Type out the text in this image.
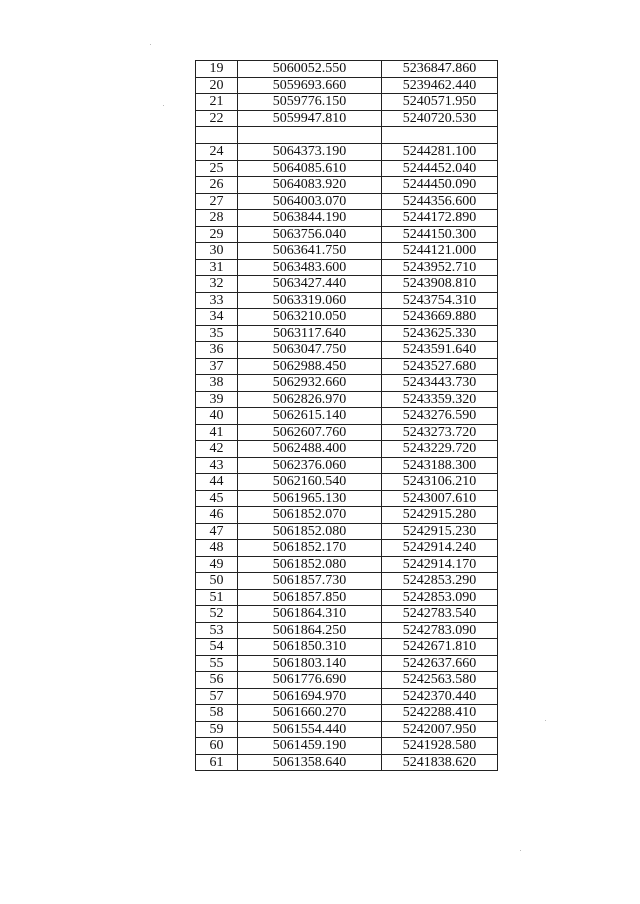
19	5060052.550	5236847.860
20	5059693.660	5239462.440
21	5059776.150	5240571.950
22	5059947.810	5240720.530

24	5064373.190	5244281.100
25	5064085.610	5244452.040
26	5064083.920	5244450.090
27	5064003.070	5244356.600
28	5063844.190	5244172.890
29	5063756.040	5244150.300
30	5063641.750	5244121.000
31	5063483.600	5243952.710
32	5063427.440	5243908.810
33	5063319.060	5243754.310
34	5063210.050	5243669.880
35	5063117.640	5243625.330
36	5063047.750	5243591.640
37	5062988.450	5243527.680
38	5062932.660	5243443.730
39	5062826.970	5243359.320
40	5062615.140	5243276.590
41	5062607.760	5243273.720
42	5062488.400	5243229.720
43	5062376.060	5243188.300
44	5062160.540	5243106.210
45	5061965.130	5243007.610
46	5061852.070	5242915.280
47	5061852.080	5242915.230
48	5061852.170	5242914.240
49	5061852.080	5242914.170
50	5061857.730	5242853.290
51	5061857.850	5242853.090
52	5061864.310	5242783.540
53	5061864.250	5242783.090
54	5061850.310	5242671.810
55	5061803.140	5242637.660
56	5061776.690	5242563.580
57	5061694.970	5242370.440
58	5061660.270	5242288.410
59	5061554.440	5242007.950
60	5061459.190	5241928.580
61	5061358.640	5241838.620
